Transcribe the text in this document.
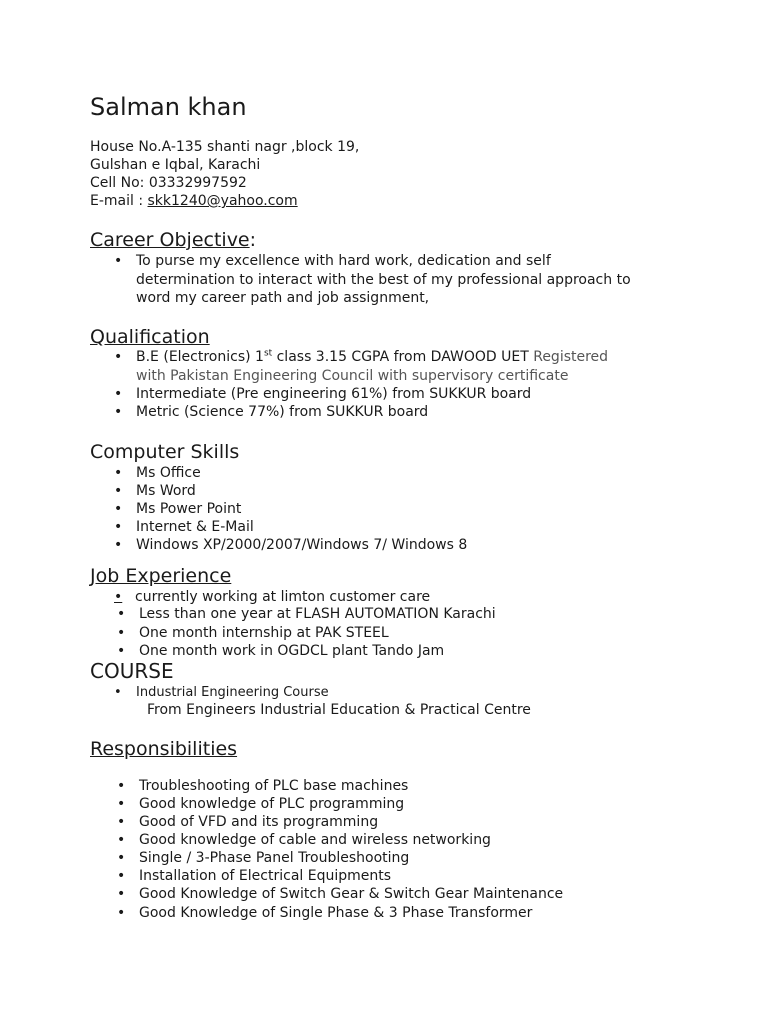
Salman khan
House No.A-135 shanti nagr ,block 19,
Gulshan e Iqbal, Karachi
Cell No: 03332997592
E-mail : skk1240@yahoo.com
Career Objective:
• To purse my excellence with hard work, dedication and self
determination to interact with the best of my professional approach to
word my career path and job assignment,
Qualification
• B.E (Electronics) 1st class 3.15 CGPA from DAWOOD UET Registered
with Pakistan Engineering Council with supervisory certificate
• Intermediate (Pre engineering 61%) from SUKKUR board
• Metric (Science 77%) from SUKKUR board
Computer Skills
• Ms Office
• Ms Word
• Ms Power Point
• Internet & E-Mail
• Windows XP/2000/2007/Windows 7/ Windows 8
Job Experience
• currently working at limton customer care
• Less than one year at FLASH AUTOMATION Karachi
• One month internship at PAK STEEL
• One month work in OGDCL plant Tando Jam
COURSE
• Industrial Engineering Course
From Engineers Industrial Education & Practical Centre
Responsibilities
• Troubleshooting of PLC base machines
• Good knowledge of PLC programming
• Good of VFD and its programming
• Good knowledge of cable and wireless networking
• Single / 3-Phase Panel Troubleshooting
• Installation of Electrical Equipments
• Good Knowledge of Switch Gear & Switch Gear Maintenance
• Good Knowledge of Single Phase & 3 Phase Transformer
